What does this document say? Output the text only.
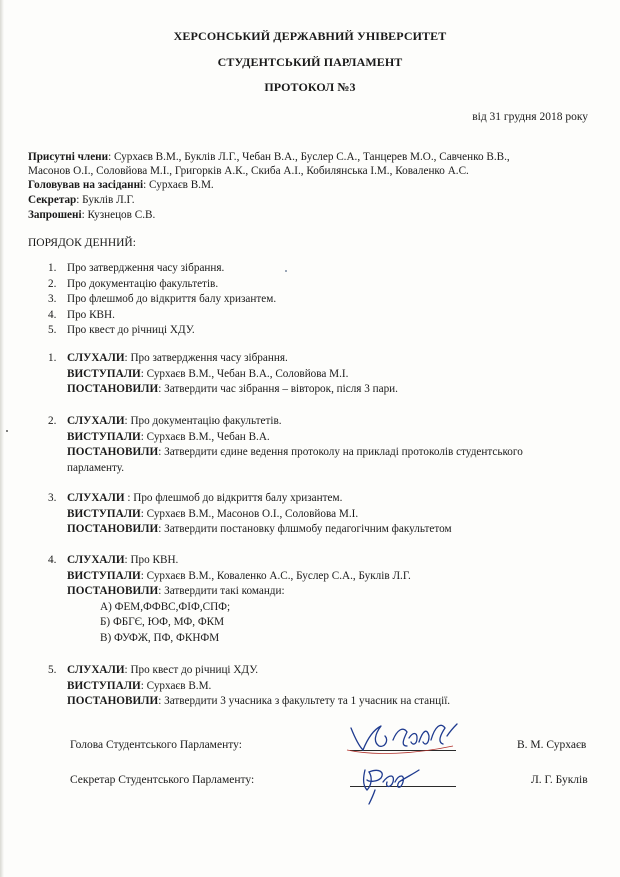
ХЕРСОНСЬКИЙ ДЕРЖАВНИЙ УНІВЕРСИТЕТ
СТУДЕНТСЬКИЙ ПАРЛАМЕНТ
ПРОТОКОЛ №3
від 31 грудня 2018 року
Присутні члени: Сурхаєв В.М., Буклів Л.Г., Чебан В.А., Буслер С.А., Танцерев М.О., Савченко В.В.,
Масонов О.І., Соловйова М.І., Григорків А.К., Скиба А.І., Кобилянська І.М., Коваленко А.С.
Головував на засіданні: Сурхаєв В.М.
Секретар: Буклів Л.Г.
Запрошені: Кузнецов С.В.
ПОРЯДОК ДЕННИЙ:
1. Про затвердження часу зібрання.
2. Про документацію факультетів.
3. Про флешмоб до відкриття балу хризантем.
4. Про КВН.
5. Про квест до річниці ХДУ.
1. СЛУХАЛИ: Про затвердження часу зібрання.
ВИСТУПАЛИ: Сурхаєв В.М., Чебан В.А., Соловйова М.І.
ПОСТАНОВИЛИ: Затвердити час зібрання – вівторок, після 3 пари.
2. СЛУХАЛИ: Про документацію факультетів.
ВИСТУПАЛИ: Сурхаєв В.М., Чебан В.А.
ПОСТАНОВИЛИ: Затвердити єдине ведення протоколу на прикладі протоколів студентського
парламенту.
3. СЛУХАЛИ : Про флешмоб до відкриття балу хризантем.
ВИСТУПАЛИ: Сурхаєв В.М., Масонов О.І., Соловйова М.І.
ПОСТАНОВИЛИ: Затвердити постановку флшмобу педагогічним факультетом
4. СЛУХАЛИ: Про КВН.
ВИСТУПАЛИ: Сурхаєв В.М., Коваленко А.С., Буслер С.А., Буклів Л.Г.
ПОСТАНОВИЛИ: Затвердити такі команди:
А) ФЕМ,ФФВС,ФІФ,СПФ;
Б) ФБГЄ, ЮФ, МФ, ФКМ
В) ФУФЖ, ПФ, ФКНФМ
5. СЛУХАЛИ: Про квест до річниці ХДУ.
ВИСТУПАЛИ: Сурхаєв В.М.
ПОСТАНОВИЛИ: Затвердити 3 учасника з факультету та 1 учасник на станції.
Голова Студентського Парламенту:	В. М. Сурхаєв
Секретар Студентського Парламенту:	Л. Г. Буклів
